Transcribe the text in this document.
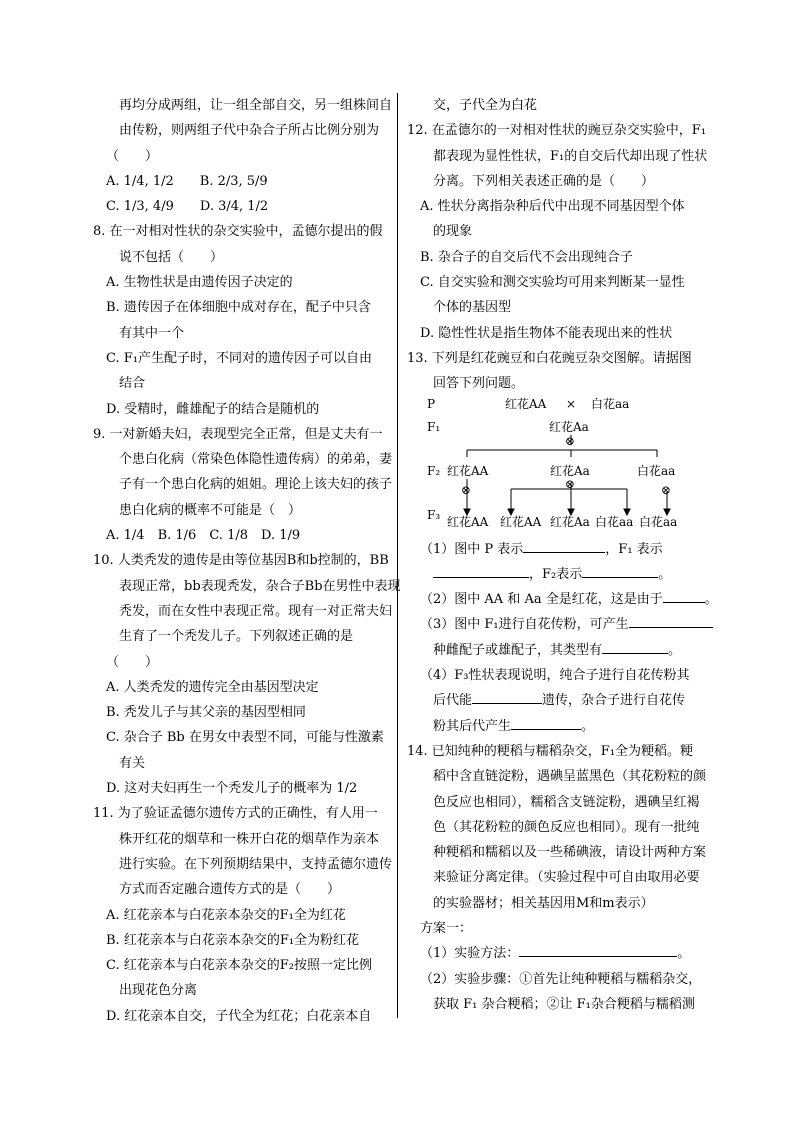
再均分成两组，让一组全部自交，另一组株间自
由传粉，则两组子代中杂合子所占比例分别为
（　　）
A. 1/4, 1/2　　B. 2/3, 5/9
C. 1/3, 4/9　　D. 3/4, 1/2
8. 在一对相对性状的杂交实验中，孟德尔提出的假
说不包括（　　）
A. 生物性状是由遗传因子决定的
B. 遗传因子在体细胞中成对存在，配子中只含
有其中一个
C. F₁产生配子时，不同对的遗传因子可以自由
结合
D. 受精时，雌雄配子的结合是随机的
9. 一对新婚夫妇，表现型完全正常，但是丈夫有一
个患白化病（常染色体隐性遗传病）的弟弟，妻
子有一个患白化病的姐姐。理论上该夫妇的孩子
患白化病的概率不可能是（　）
A. 1/4　B. 1/6　C. 1/8　D. 1/9
10. 人类秃发的遗传是由等位基因B和b控制的，BB
表现正常，bb表现秃发，杂合子Bb在男性中表现
秃发，而在女性中表现正常。现有一对正常夫妇
生育了一个秃发儿子。下列叙述正确的是
（　　）
A. 人类秃发的遗传完全由基因型决定
B. 秃发儿子与其父亲的基因型相同
C. 杂合子 Bb 在男女中表型不同，可能与性激素
有关
D. 这对夫妇再生一个秃发儿子的概率为 1/2
11. 为了验证孟德尔遗传方式的正确性，有人用一
株开红花的烟草和一株开白花的烟草作为亲本
进行实验。在下列预期结果中，支持孟德尔遗传
方式而否定融合遗传方式的是（　　）
A. 红花亲本与白花亲本杂交的F₁全为红花
B. 红花亲本与白花亲本杂交的F₁全为粉红花
C. 红花亲本与白花亲本杂交的F₂按照一定比例
出现花色分离
D. 红花亲本自交，子代全为红花；白花亲本自
交，子代全为白花
12. 在孟德尔的一对相对性状的豌豆杂交实验中，F₁
都表现为显性性状，F₁的自交后代却出现了性状
分离。下列相关表述正确的是（　　）
A. 性状分离指杂种后代中出现不同基因型个体
的现象
B. 杂合子的自交后代不会出现纯合子
C. 自交实验和测交实验均可用来判断某一显性
个体的基因型
D. 隐性性状是指生物体不能表现出来的性状
13. 下列是红花豌豆和白花豌豆杂交图解。请据图
回答下列问题。
P	红花AA × 白花aa
F₁	红花Aa
⊗
F₂ 红花AA	红花Aa	白花aa
⊗	⊗	⊗
F₃ 红花AA 红花AA 红花Aa 白花aa 白花aa
（1）图中 P 表示	，F₁ 表示
，F₂表示	。
（2）图中 AA 和 Aa 全是红花，这是由于	。
（3）图中 F₁进行自花传粉，可产生
种雌配子或雄配子，其类型有	。
（4）F₃性状表现说明，纯合子进行自花传粉其
后代能	遗传，杂合子进行自花传
粉其后代产生	。
14. 已知纯种的粳稻与糯稻杂交，F₁全为粳稻。粳
稻中含直链淀粉，遇碘呈蓝黑色（其花粉粒的颜
色反应也相同），糯稻含支链淀粉，遇碘呈红褐
色（其花粉粒的颜色反应也相同）。现有一批纯
种粳稻和糯稻以及一些稀碘液，请设计两种方案
来验证分离定律。（实验过程中可自由取用必要
的实验器材；相关基因用M和m表示）
方案一：
（1）实验方法：	。
（2）实验步骤：①首先让纯种粳稻与糯稻杂交，
获取 F₁ 杂合粳稻；②让 F₁杂合粳稻与糯稻测
